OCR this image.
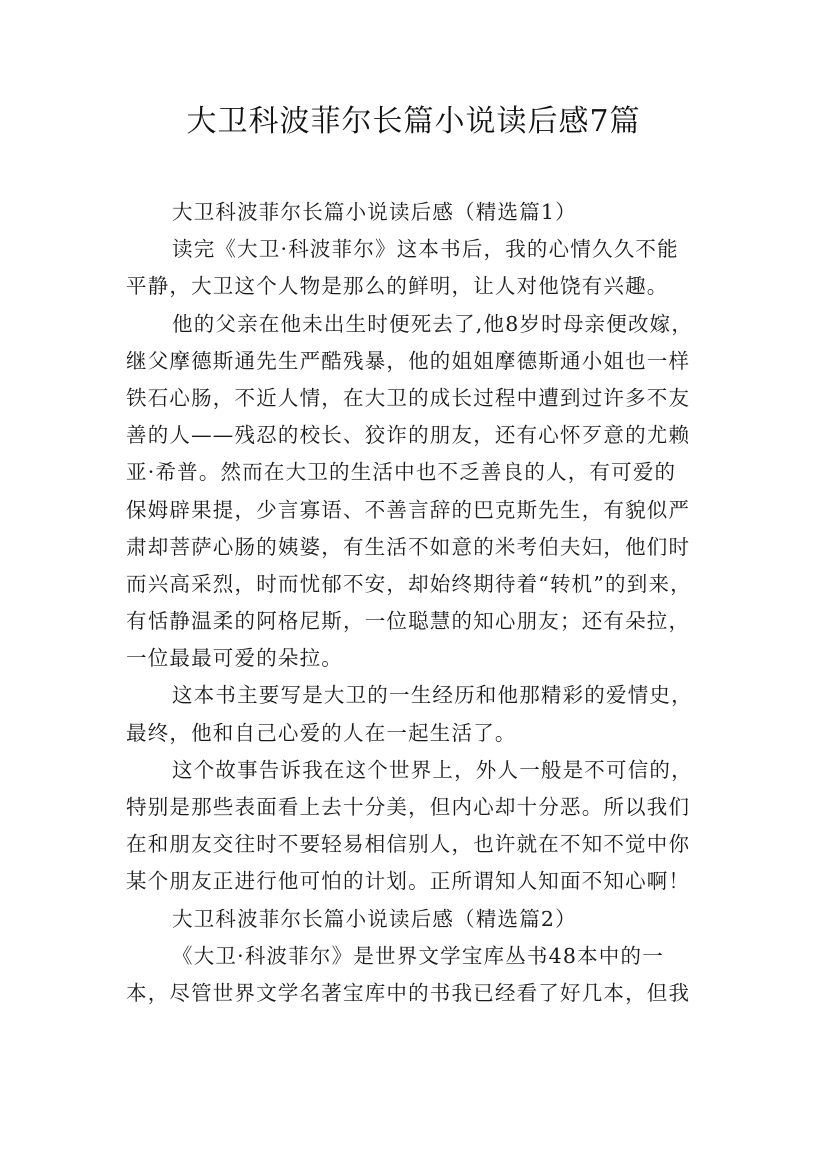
大卫科波菲尔长篇小说读后感7篇
大卫科波菲尔长篇小说读后感（精选篇1）
读完《大卫·科波菲尔》这本书后，我的心情久久不能
平静，大卫这个人物是那么的鲜明，让人对他饶有兴趣。
他的父亲在他未出生时便死去了,他8岁时母亲便改嫁，
继父摩德斯通先生严酷残暴，他的姐姐摩德斯通小姐也一样
铁石心肠，不近人情，在大卫的成长过程中遭到过许多不友
善的人——残忍的校长、狡诈的朋友，还有心怀歹意的尤赖
亚·希普。然而在大卫的生活中也不乏善良的人，有可爱的
保姆辟果提，少言寡语、不善言辞的巴克斯先生，有貌似严
肃却菩萨心肠的姨婆，有生活不如意的米考伯夫妇，他们时
而兴高采烈，时而忧郁不安，却始终期待着“转机”的到来，
有恬静温柔的阿格尼斯，一位聪慧的知心朋友；还有朵拉，
一位最最可爱的朵拉。
这本书主要写是大卫的一生经历和他那精彩的爱情史，
最终，他和自己心爱的人在一起生活了。
这个故事告诉我在这个世界上，外人一般是不可信的，
特别是那些表面看上去十分美，但内心却十分恶。所以我们
在和朋友交往时不要轻易相信别人，也许就在不知不觉中你
某个朋友正进行他可怕的计划。正所谓知人知面不知心啊！
大卫科波菲尔长篇小说读后感（精选篇2）
《大卫·科波菲尔》是世界文学宝库丛书48本中的一
本，尽管世界文学名著宝库中的书我已经看了好几本，但我
